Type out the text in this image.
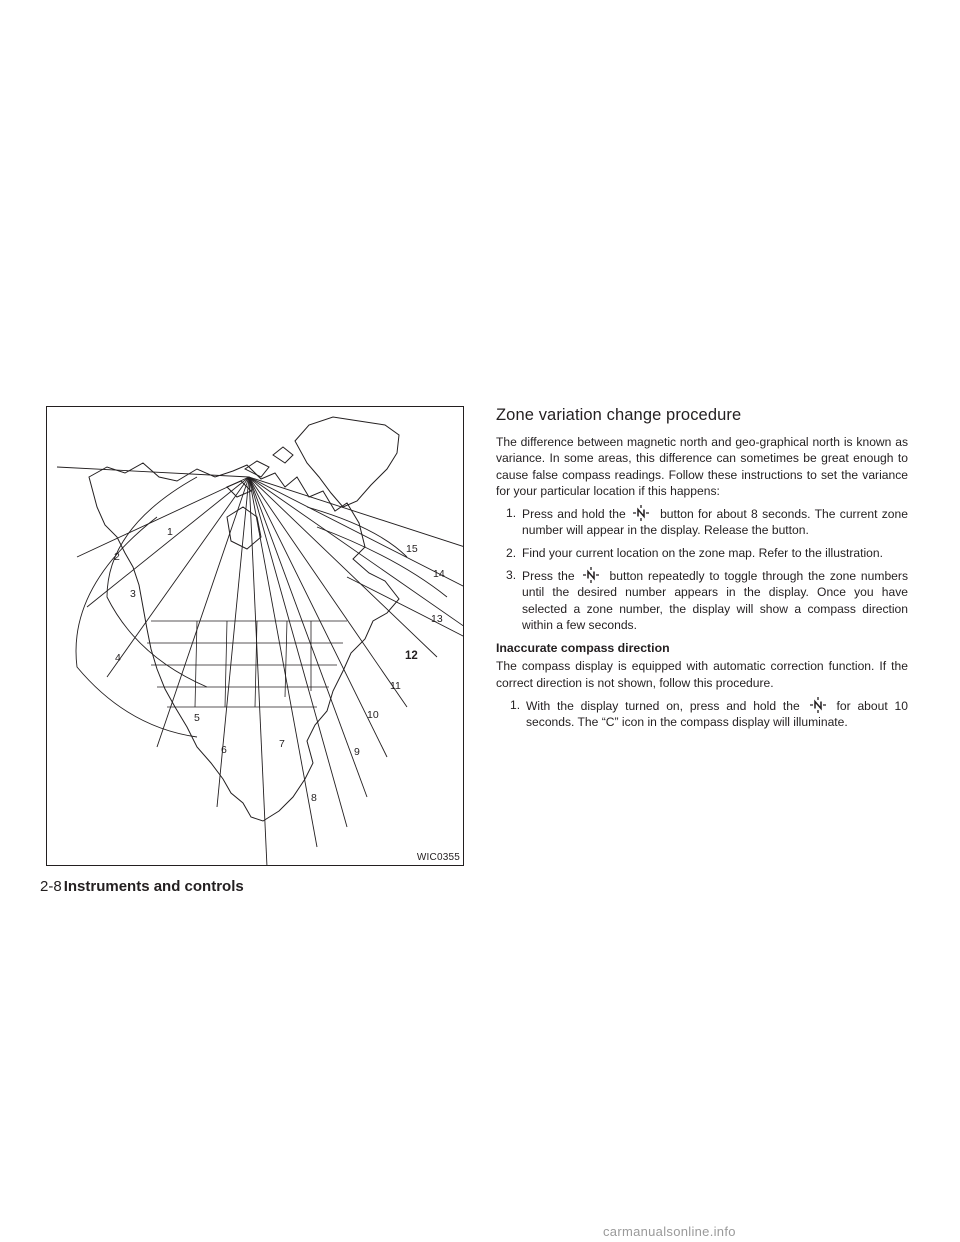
1
2
3
4
5
6	7
8
9
10
11
12
13
14
15
WIC0355
Zone variation change procedure

The difference between magnetic north and geo-graphical north is known as variance. In some areas, this difference can sometimes be great enough to cause false compass readings. Follow these instructions to set the variance for your particular location if this happens:

1. Press and hold the	button for about 8 seconds. The current zone number will appear in the display. Release the button.
2. Find your current location on the zone map. Refer to the illustration.
3. Press the	button repeatedly to toggle through the zone numbers until the desired number appears in the display. Once you have selected a zone number, the display will show a compass direction within a few seconds.
Inaccurate compass direction

The compass display is equipped with automatic correction function. If the correct direction is not shown, follow this procedure.

1. With the display turned on, press and hold the	for about 10 seconds. The “C” icon in the compass display will illuminate.
2-8 Instruments and controls
carmanualsonline.info
